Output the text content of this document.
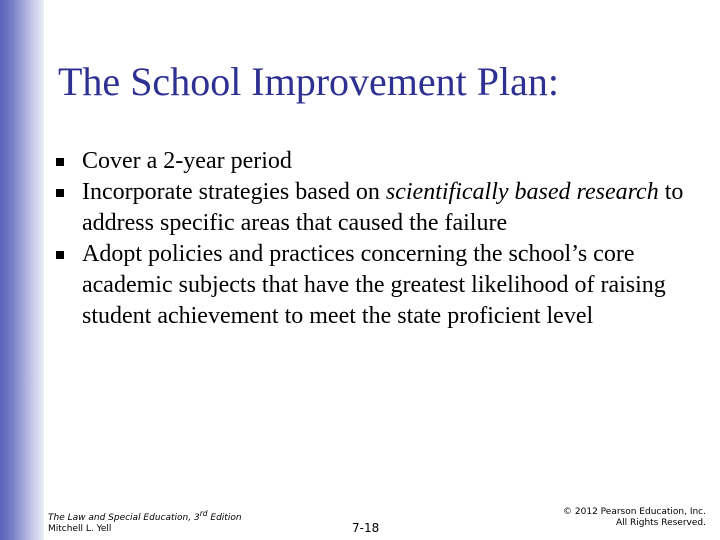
The School Improvement Plan:
Cover a 2-year period
Incorporate strategies based on scientifically based research to address specific areas that caused the failure
Adopt policies and practices concerning the school’s core academic subjects that have the greatest likelihood of raising student achievement to meet the state proficient level
The Law and Special Education, 3rd Edition
Mitchell L. Yell	7-18
© 2012 Pearson Education, Inc.
All Rights Reserved.
